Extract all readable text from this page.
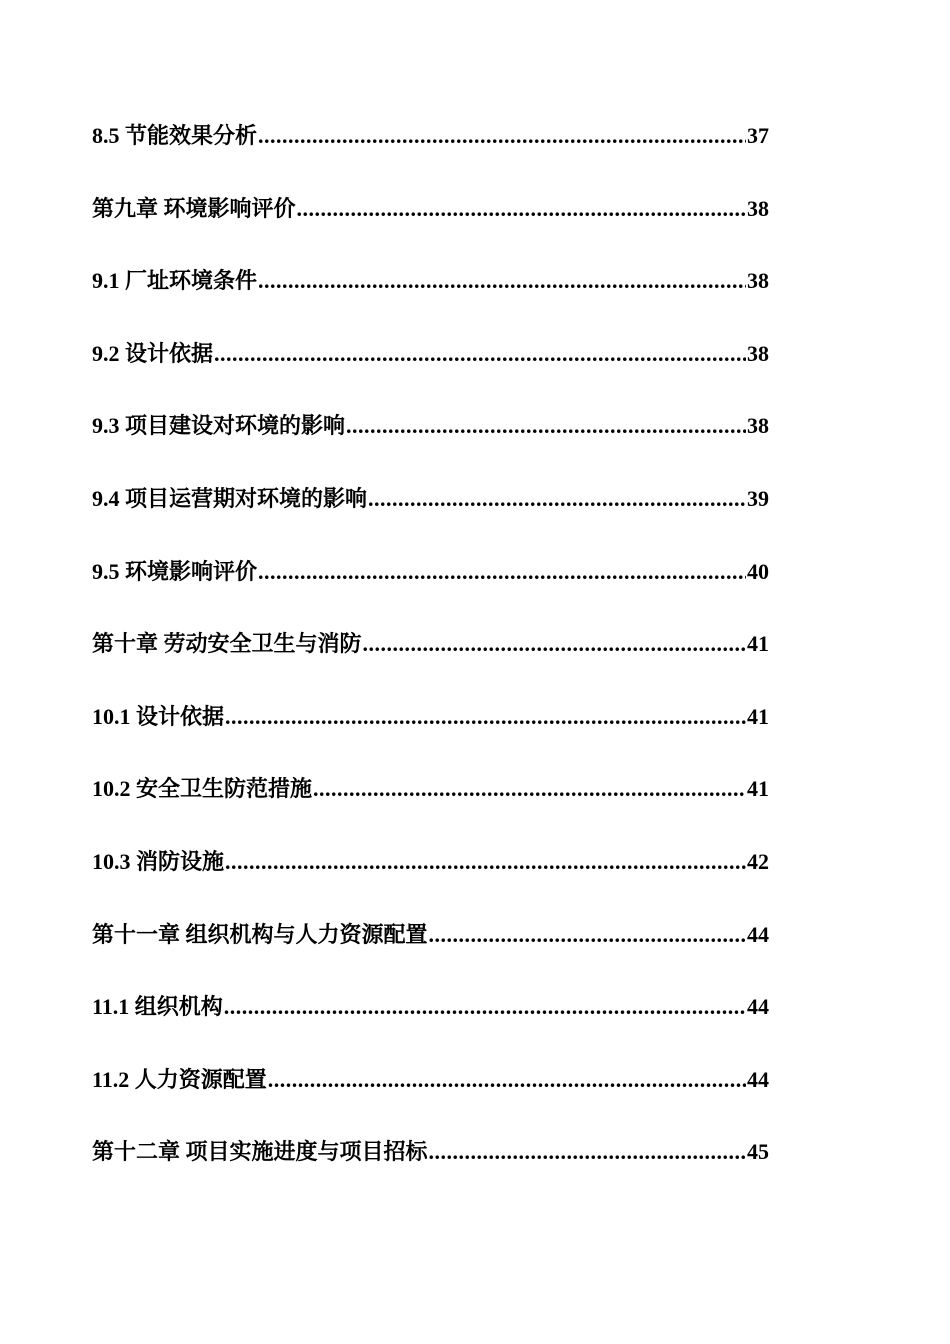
8.5 节能效果分析 .....	37
第九章 环境影响评价 .....	38
9.1 厂址环境条件 .....	38
9.2 设计依据 .....	38
9.3 项目建设对环境的影响 .....	38
9.4 项目运营期对环境的影响 .....	39
9.5 环境影响评价 .....	40
第十章 劳动安全卫生与消防 .....	41
10.1 设计依据 .....	41
10.2 安全卫生防范措施 .....	41
10.3 消防设施 .....	42
第十一章 组织机构与人力资源配置 .....	44
11.1 组织机构 .....	44
11.2 人力资源配置 .....	44
第十二章 项目实施进度与项目招标 .....	45
